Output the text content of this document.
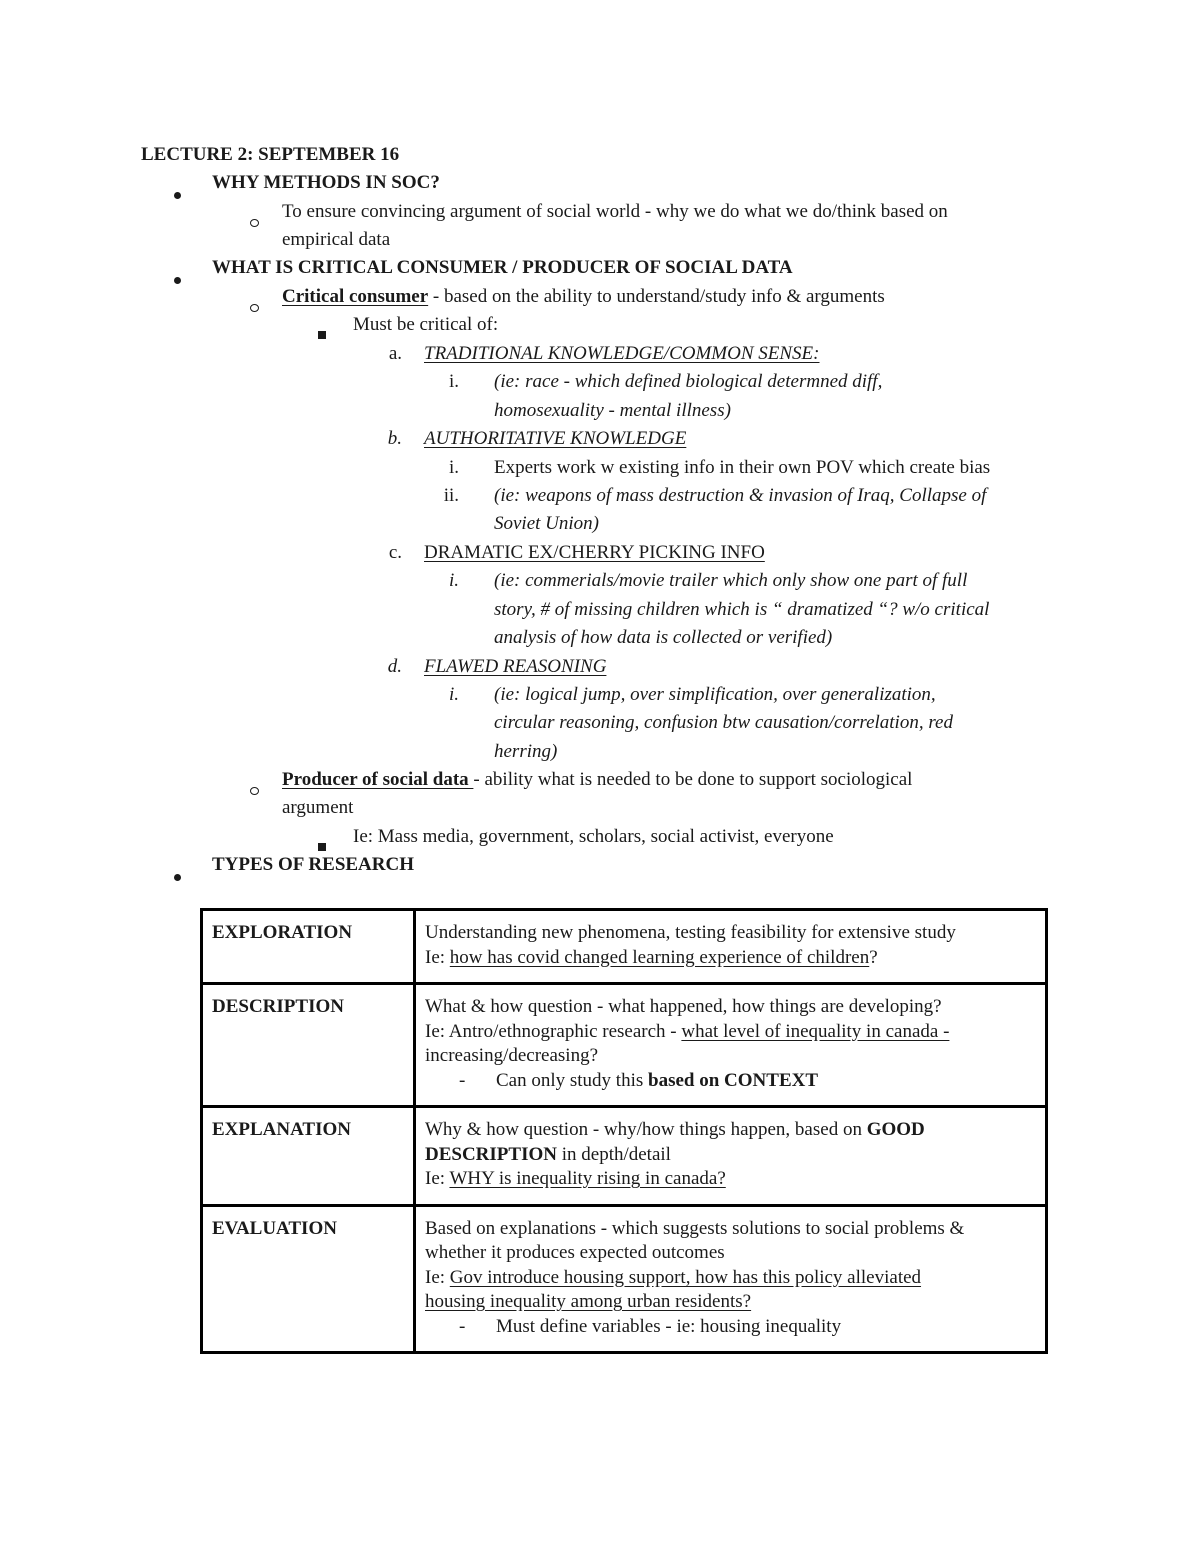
LECTURE 2: SEPTEMBER 16
WHY METHODS IN SOC?
To ensure convincing argument of social world - why we do what we do/think based on
empirical data
WHAT IS CRITICAL CONSUMER / PRODUCER OF SOCIAL DATA
Critical consumer - based on the ability to understand/study info & arguments
Must be critical of:
a. TRADITIONAL KNOWLEDGE/COMMON SENSE:
i. (ie: race - which defined biological determned diff,
homosexuality - mental illness)
b. AUTHORITATIVE KNOWLEDGE
i. Experts work w existing info in their own POV which create bias
ii. (ie: weapons of mass destruction & invasion of Iraq, Collapse of
Soviet Union)
c. DRAMATIC EX/CHERRY PICKING INFO
i. (ie: commerials/movie trailer which only show one part of full
story, # of missing children which is “ dramatized “? w/o critical
analysis of how data is collected or verified)
d. FLAWED REASONING
i. (ie: logical jump, over simplification, over generalization,
circular reasoning, confusion btw causation/correlation, red
herring)
Producer of social data - ability what is needed to be done to support sociological
argument
Ie: Mass media, government, scholars, social activist, everyone
TYPES OF RESEARCH
EXPLORATION	Understanding new phenomena, testing feasibility for extensive study
Ie: how has covid changed learning experience of children?

DESCRIPTION	What & how question - what happened, how things are developing?
Ie: Antro/ethnographic research - what level of inequality in canada -
increasing/decreasing?
- Can only study this based on CONTEXT

EXPLANATION	Why & how question - why/how things happen, based on GOOD
DESCRIPTION in depth/detail
Ie: WHY is inequality rising in canada?

EVALUATION	Based on explanations - which suggests solutions to social problems &
whether it produces expected outcomes
Ie: Gov introduce housing support, how has this policy alleviated
housing inequality among urban residents?
- Must define variables - ie: housing inequality
